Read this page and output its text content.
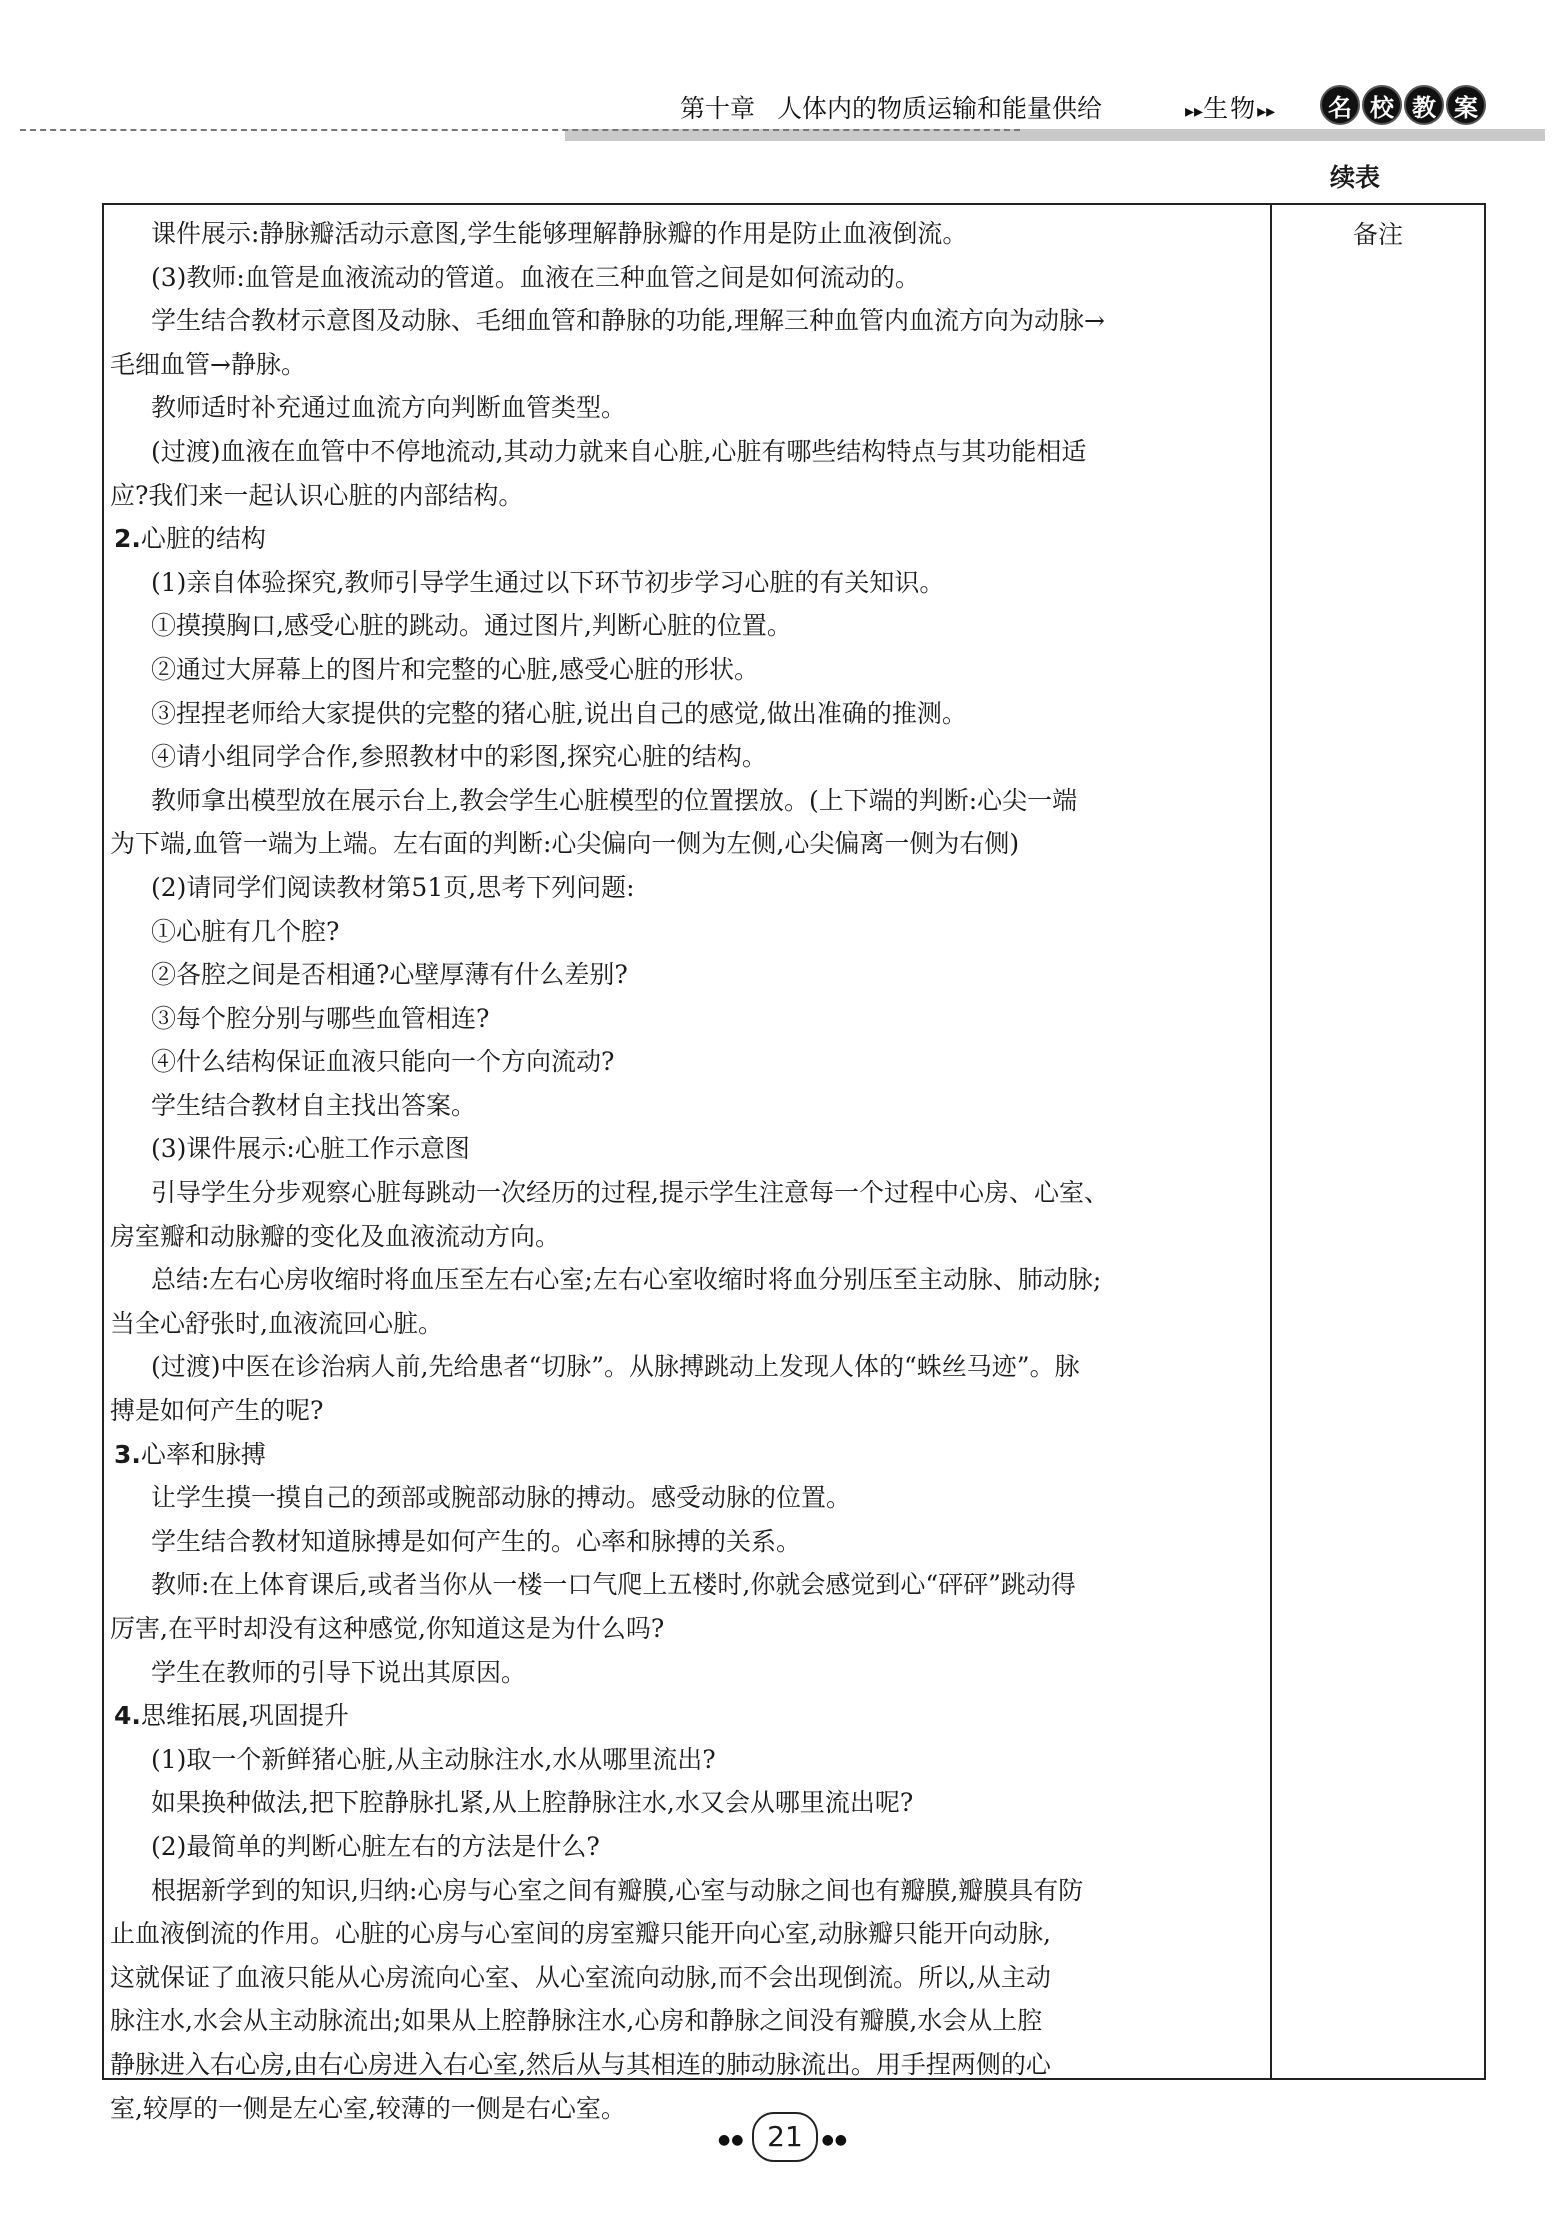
第十章 人体内的物质运输和能量供给	▸▸生物▸▸	名 校 教 案
续表
备注

课件展示:静脉瓣活动示意图,学生能够理解静脉瓣的作用是防止血液倒流。

(3)教师:血管是血液流动的管道。血液在三种血管之间是如何流动的。

学生结合教材示意图及动脉、毛细血管和静脉的功能,理解三种血管内血流方向为动脉→

毛细血管→静脉。

教师适时补充通过血流方向判断血管类型。

(过渡)血液在血管中不停地流动,其动力就来自心脏,心脏有哪些结构特点与其功能相适

应?我们来一起认识心脏的内部结构。

2.心脏的结构

(1)亲自体验探究,教师引导学生通过以下环节初步学习心脏的有关知识。

①摸摸胸口,感受心脏的跳动。通过图片,判断心脏的位置。

②通过大屏幕上的图片和完整的心脏,感受心脏的形状。

③捏捏老师给大家提供的完整的猪心脏,说出自己的感觉,做出准确的推测。

④请小组同学合作,参照教材中的彩图,探究心脏的结构。

教师拿出模型放在展示台上,教会学生心脏模型的位置摆放。(上下端的判断:心尖一端

为下端,血管一端为上端。左右面的判断:心尖偏向一侧为左侧,心尖偏离一侧为右侧)

(2)请同学们阅读教材第51页,思考下列问题:

①心脏有几个腔?

②各腔之间是否相通?心壁厚薄有什么差别?

③每个腔分别与哪些血管相连?

④什么结构保证血液只能向一个方向流动?

学生结合教材自主找出答案。

(3)课件展示:心脏工作示意图

引导学生分步观察心脏每跳动一次经历的过程,提示学生注意每一个过程中心房、心室、

房室瓣和动脉瓣的变化及血液流动方向。

总结:左右心房收缩时将血压至左右心室;左右心室收缩时将血分别压至主动脉、肺动脉;

当全心舒张时,血液流回心脏。

(过渡)中医在诊治病人前,先给患者“切脉”。从脉搏跳动上发现人体的“蛛丝马迹”。脉

搏是如何产生的呢?

3.心率和脉搏

让学生摸一摸自己的颈部或腕部动脉的搏动。感受动脉的位置。

学生结合教材知道脉搏是如何产生的。心率和脉搏的关系。

教师:在上体育课后,或者当你从一楼一口气爬上五楼时,你就会感觉到心“砰砰”跳动得

厉害,在平时却没有这种感觉,你知道这是为什么吗?

学生在教师的引导下说出其原因。

4.思维拓展,巩固提升

(1)取一个新鲜猪心脏,从主动脉注水,水从哪里流出?

如果换种做法,把下腔静脉扎紧,从上腔静脉注水,水又会从哪里流出呢?

(2)最简单的判断心脏左右的方法是什么?

根据新学到的知识,归纳:心房与心室之间有瓣膜,心室与动脉之间也有瓣膜,瓣膜具有防

止血液倒流的作用。心脏的心房与心室间的房室瓣只能开向心室,动脉瓣只能开向动脉,

这就保证了血液只能从心房流向心室、从心室流向动脉,而不会出现倒流。所以,从主动

脉注水,水会从主动脉流出;如果从上腔静脉注水,心房和静脉之间没有瓣膜,水会从上腔

静脉进入右心房,由右心房进入右心室,然后从与其相连的肺动脉流出。用手捏两侧的心

室,较厚的一侧是左心室,较薄的一侧是右心室。

●● 21	●●
